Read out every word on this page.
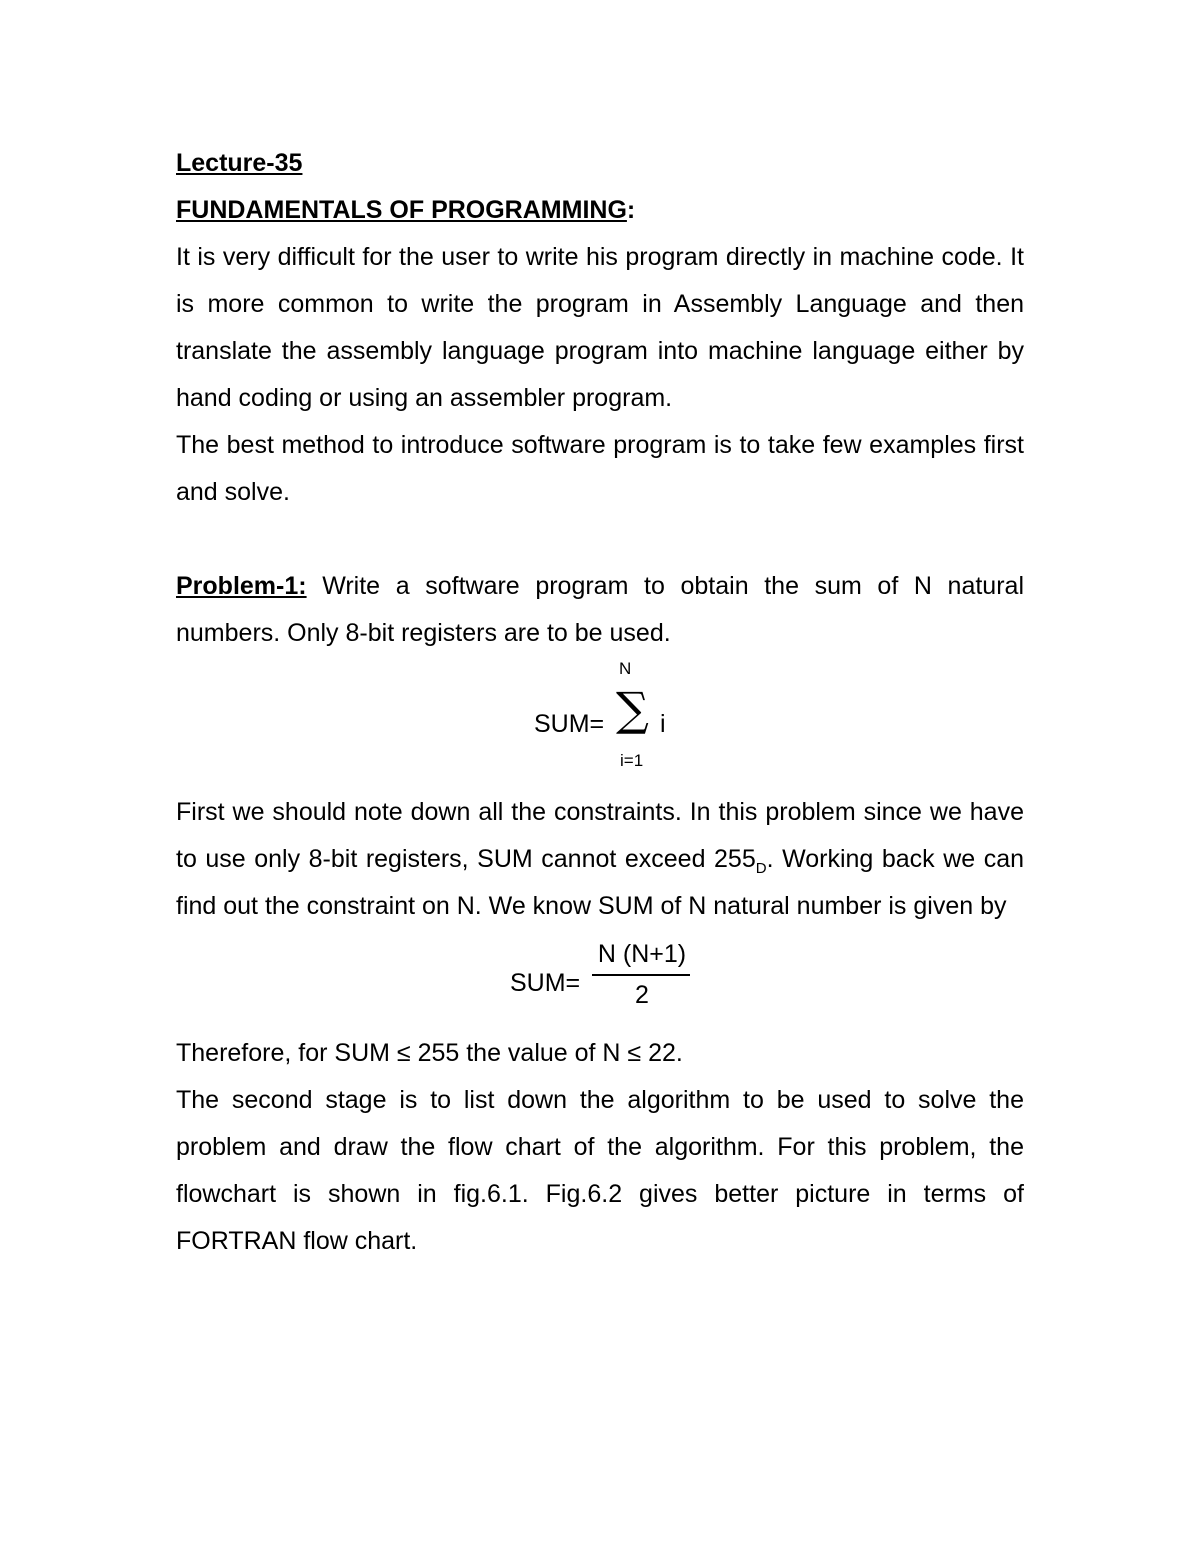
Lecture-35

FUNDAMENTALS OF PROGRAMMING:

It is very difficult for the user to write his program directly in machine code. It is more common to write the program in Assembly Language and then translate the assembly language program into machine language either by hand coding or using an assembler program.

The best method to introduce software program is to take few examples first and solve.

Problem-1: Write a software program to obtain the sum of N natural numbers. Only 8-bit registers are to be used.

SUM=
N
∑ i
i=1

First we should note down all the constraints. In this problem since we have to use only 8-bit registers, SUM cannot exceed $255_D$. Working back we can find out the constraint on N. We know SUM of N natural number is given by

SUM=
N (N+1)
2

Therefore, for SUM ≤ 255 the value of N ≤ 22.

The second stage is to list down the algorithm to be used to solve the problem and draw the flow chart of the algorithm. For this problem, the flowchart is shown in fig.6.1. Fig.6.2 gives better picture in terms of FORTRAN flow chart.
